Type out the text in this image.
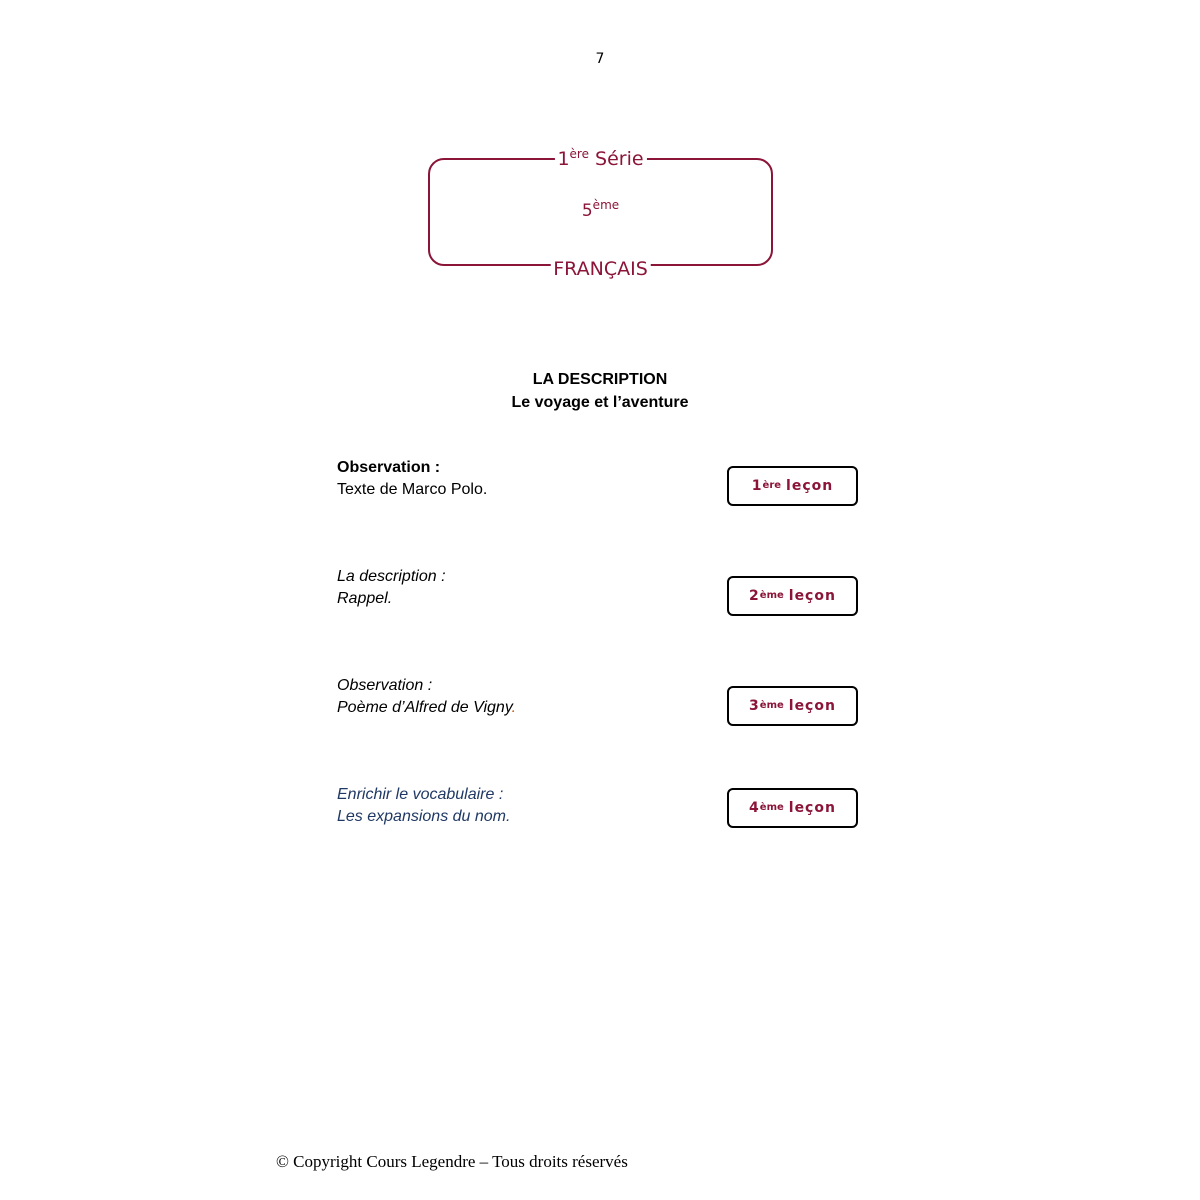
7
1ère Série
5ème
FRANÇAIS
LA DESCRIPTION
Le voyage et l’aventure
Observation :
Texte de Marco Polo.	1 ère leçon
La description :
Rappel.	2 ème leçon
Observation :
Poème d’Alfred de Vigny.	3 ème leçon
Enrichir le vocabulaire :
Les expansions du nom.	4 ème leçon
© Copyright Cours Legendre – Tous droits réservés
